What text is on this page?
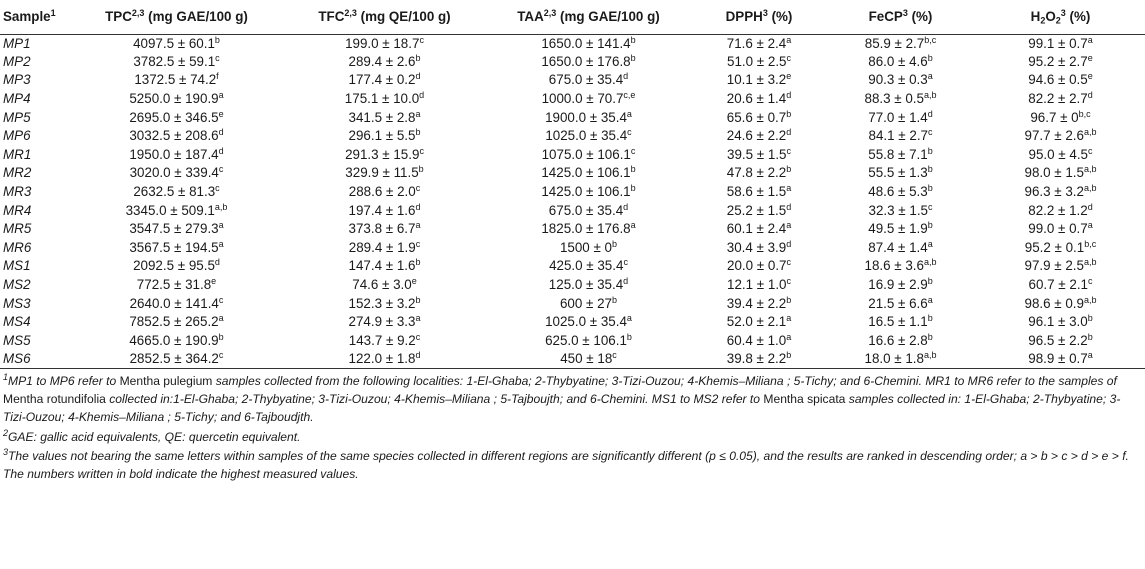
Sample$^1$	TPC$^{2,3}$ (mg GAE/100 g)	TFC$^{2,3}$ (mg QE/100 g)	TAA$^{2,3}$ (mg GAE/100 g)	DPPH$^3$ (%)	FeCP$^3$ (%)	$H_2O_2^3$ (%)
MP1	4097.5 ± 60.1$^b$	199.0 ± 18.7$^c$	1650.0 ± 141.4$^b$	71.6 ± 2.4$^a$	$85.9 \pm 2.7^{b,c}$	99.1 ± 0.7$^a$
MP2	3782.5 ± 59.1$^c$	289.4 ± 2.6$^b$	1650.0 ± 176.8$^b$	51.0 ± 2.5$^c$	86.0 ± 4.6$^b$	95.2 ± 2.7$^e$
MP3	1372.5 ± 74.2$^f$	177.4 ± 0.2$^d$	675.0 ± 35.4$^d$	10.1 ± 3.2$^e$	90.3 ± 0.3$^a$	94.6 ± 0.5$^e$
MP4	5250.0 ± 190.9$^a$	175.1 ± 10.0$^d$	$1000.0 \pm 70.7^{c,e}$	20.6 ± 1.4$^d$	$88.3 \pm 0.5^{a,b}$	82.2 ± 2.7$^d$
MP5	2695.0 ± 346.5$^e$	341.5 ± 2.8$^a$	1900.0 ± 35.4$^a$	65.6 ± 0.7$^b$	77.0 ± 1.4$^d$	$96.7 \pm 0^{b,c}$
MP6	3032.5 ± 208.6$^d$	296.1 ± 5.5$^b$	1025.0 ± 35.4$^c$	24.6 ± 2.2$^d$	84.1 ± 2.7$^c$	$97.7 \pm 2.6^{a,b}$
MR1	1950.0 ± 187.4$^d$	291.3 ± 15.9$^c$	1075.0 ± 106.1$^c$	39.5 ± 1.5$^c$	55.8 ± 7.1$^b$	95.0 ± 4.5$^c$
MR2	3020.0 ± 339.4$^c$	329.9 ± 11.5$^b$	1425.0 ± 106.1$^b$	47.8 ± 2.2$^b$	55.5 ± 1.3$^b$	$98.0 \pm 1.5^{a,b}$
MR3	2632.5 ± 81.3$^c$	288.6 ± 2.0$^c$	1425.0 ± 106.1$^b$	58.6 ± 1.5$^a$	48.6 ± 5.3$^b$	$96.3 \pm 3.2^{a,b}$
MR4	$3345.0 \pm 509.1^{a,b}$	197.4 ± 1.6$^d$	675.0 ± 35.4$^d$	25.2 ± 1.5$^d$	32.3 ± 1.5$^c$	82.2 ± 1.2$^d$
MR5	3547.5 ± 279.3$^a$	373.8 ± 6.7$^a$	1825.0 ± 176.8$^a$	60.1 ± 2.4$^a$	49.5 ± 1.9$^b$	99.0 ± 0.7$^a$
MR6	3567.5 ± 194.5$^a$	289.4 ± 1.9$^c$	$1500 \pm 0^b$	30.4 ± 3.9$^d$	87.4 ± 1.4$^a$	$95.2 \pm 0.1^{b,c}$
MS1	2092.5 ± 95.5$^d$	147.4 ± 1.6$^b$	425.0 ± 35.4$^c$	20.0 ± 0.7$^c$	$18.6 \pm 3.6^{a,b}$	$97.9 \pm 2.5^{a,b}$
MS2	772.5 ± 31.8$^e$	74.6 ± 3.0$^e$	125.0 ± 35.4$^d$	12.1 ± 1.0$^c$	16.9 ± 2.9$^b$	60.7 ± 2.1$^c$
MS3	2640.0 ± 141.4$^c$	152.3 ± 3.2$^b$	$600 \pm 27^b$	39.4 ± 2.2$^b$	21.5 ± 6.6$^a$	$98.6 \pm 0.9^{a,b}$
MS4	7852.5 ± 265.2$^a$	274.9 ± 3.3$^a$	1025.0 ± 35.4$^a$	52.0 ± 2.1$^a$	16.5 ± 1.1$^b$	96.1 ± 3.0$^b$
MS5	4665.0 ± 190.9$^b$	143.7 ± 9.2$^c$	625.0 ± 106.1$^b$	60.4 ± 1.0$^a$	16.6 ± 2.8$^b$	96.5 ± 2.2$^b$
MS6	2852.5 ± 364.2$^c$	122.0 ± 1.8$^d$	$450 \pm 18^c$	39.8 ± 2.2$^b$	$18.0 \pm 1.8^{a,b}$	98.9 ± 0.7$^a$

$^1$MP1 to MP6 refer to Mentha pulegium samples collected from the following localities: 1-El-Ghaba; 2-Thybyatine; 3-Tizi-Ouzou; 4-Khemis–Miliana ; 5-Tichy; and 6-Chemini. MR1 to MR6 refer to the samples of Mentha rotundifolia collected in:1-El-Ghaba; 2-Thybyatine; 3-Tizi-Ouzou; 4-Khemis–Miliana ; 5-Tajboujth; and 6-Chemini. MS1 to MS2 refer to Mentha spicata samples collected in: 1-El-Ghaba; 2-Thybyatine; 3-Tizi-Ouzou; 4-Khemis–Miliana ; 5-Tichy; and 6-Tajboudjth.

$^2$GAE: gallic acid equivalents, QE: quercetin equivalent.

$^3$The values not bearing the same letters within samples of the same species collected in different regions are significantly different (p ≤ 0.05), and the results are ranked in descending order; a > b > c > d > e > f. The numbers written in bold indicate the highest measured values.
